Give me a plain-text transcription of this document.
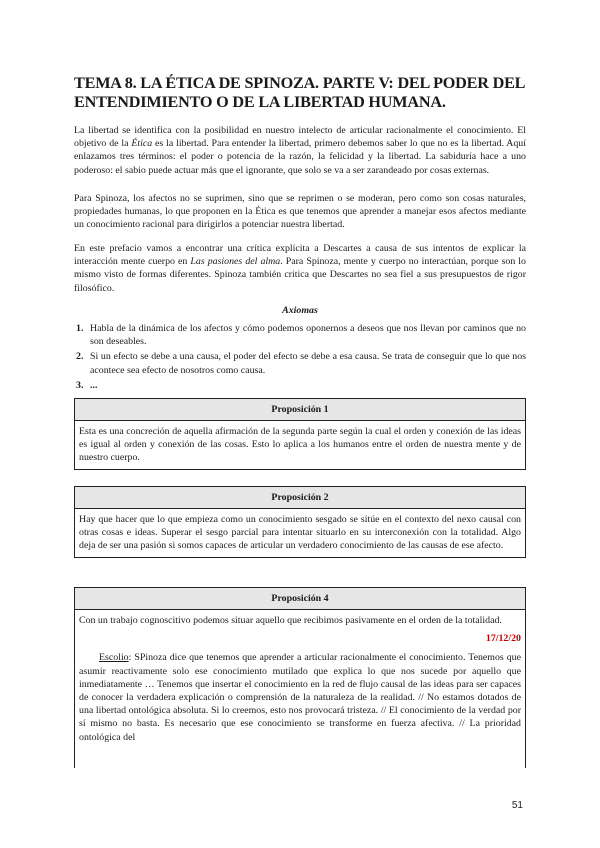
TEMA 8. LA ÉTICA DE SPINOZA. PARTE V: DEL PODER DEL ENTENDIMIENTO O DE LA LIBERTAD HUMANA.

La libertad se identifica con la posibilidad en nuestro intelecto de articular racionalmente el conocimiento. El objetivo de la Ética es la libertad. Para entender la libertad, primero debemos saber lo que no es la libertad. Aquí enlazamos tres términos: el poder o potencia de la razón, la felicidad y la libertad. La sabiduría hace a uno poderoso: el sabio puede actuar más que el ignorante, que solo se va a ser zarandeado por cosas externas.

Para Spinoza, los afectos no se suprimen, sino que se reprimen o se moderan, pero como son cosas naturales, propiedades humanas, lo que proponen en la Ética es que tenemos que aprender a manejar esos afectos mediante un conocimiento racional para dirigirlos a potenciar nuestra libertad.

En este prefacio vamos a encontrar una crítica explícita a Descartes a causa de sus intentos de explicar la interacción mente cuerpo en Las pasiones del alma. Para Spinoza, mente y cuerpo no interactúan, porque son lo mismo visto de formas diferentes. Spinoza también critica que Descartes no sea fiel a sus presupuestos de rigor filosófico.

Axiomas

1. Habla de la dinámica de los afectos y cómo podemos oponernos a deseos que nos llevan por caminos que no son deseables.
2. Si un efecto se debe a una causa, el poder del efecto se debe a esa causa. Se trata de conseguir que lo que nos acontece sea efecto de nosotros como causa.
3. ...
Proposición 1
Esta es una concreción de aquella afirmación de la segunda parte según la cual el orden y conexión de las ideas es igual al orden y conexión de las cosas. Esto lo aplica a los humanos entre el orden de nuestra mente y de nuestro cuerpo.
Proposición 2
Hay que hacer que lo que empieza como un conocimiento sesgado se sitúe en el contexto del nexo causal con otras cosas e ideas. Superar el sesgo parcial para intentar situarlo en su interconexión con la totalidad. Algo deja de ser una pasión si somos capaces de articular un verdadero conocimiento de las causas de ese afecto.
Proposición 4
Con un trabajo cognoscitivo podemos situar aquello que recibimos pasivamente en el orden de la totalidad.
17/12/20
Escolio: SPinoza dice que tenemos que aprender a articular racionalmente el conocimiento. Tenemos que asumir reactivamente solo ese conocimiento mutilado que explica lo que nos sucede por aquello que inmediatamente … Tenemos que insertar el conocimiento en la red de flujo causal de las ideas para ser capaces de conocer la verdadera explicación o comprensión de la naturaleza de la realidad. // No estamos dotados de una libertad ontológica absoluta. Si lo creemos, esto nos provocará tristeza. // El conocimiento de la verdad por sí mismo no basta. Es necesario que ese conocimiento se transforme en fuerza afectiva. // La prioridad ontológica del
51
